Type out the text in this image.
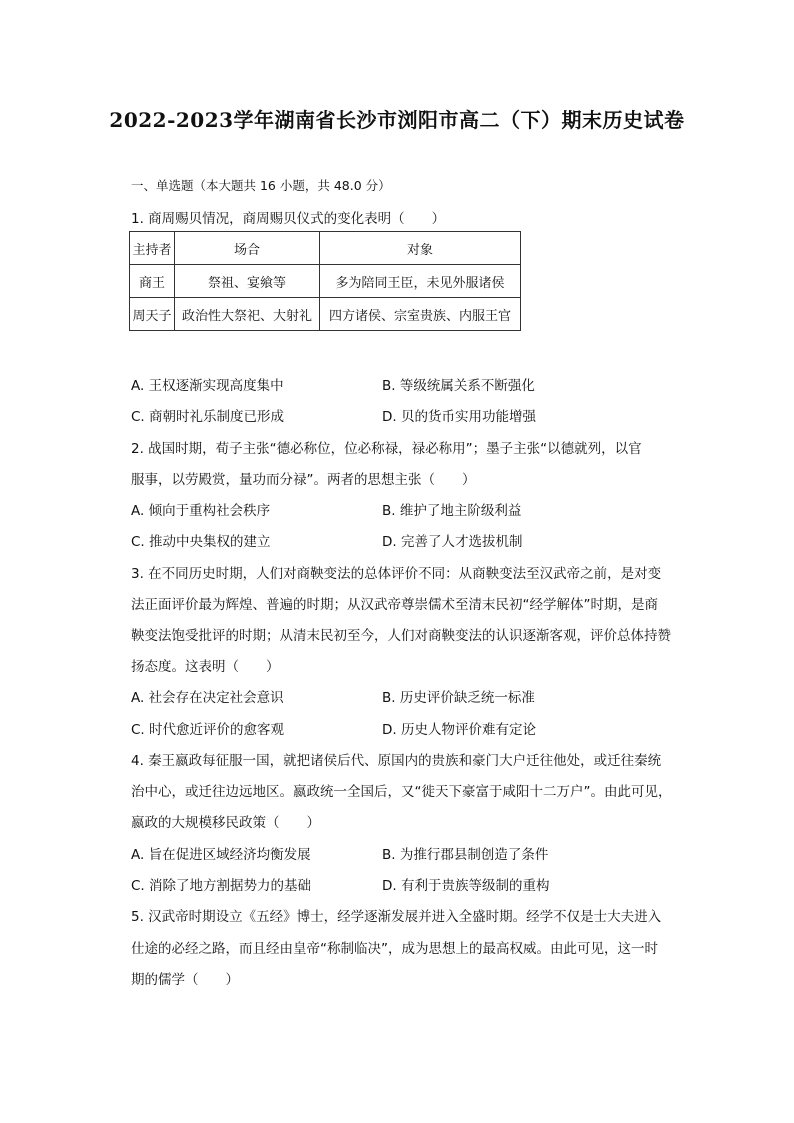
2022-2023学年湖南省长沙市浏阳市高二（下）期末历史试卷
一、单选题（本大题共 16 小题，共 48.0 分）
1. 商周赐贝情况，商周赐贝仪式的变化表明（　　）
主持者	场合	对象
商王	祭祖、宴飨等	多为陪同王臣，未见外服诸侯
周天子	政治性大祭祀、大射礼	四方诸侯、宗室贵族、内服王官
A. 王权逐渐实现高度集中	B. 等级统属关系不断强化
C. 商朝时礼乐制度已形成	D. 贝的货币实用功能增强
2. 战国时期，荀子主张“德必称位，位必称禄，禄必称用”；墨子主张“以德就列，以官
服事，以劳殿赏，量功而分禄”。两者的思想主张（　　）
A. 倾向于重构社会秩序	B. 维护了地主阶级利益
C. 推动中央集权的建立	D. 完善了人才选拔机制
3. 在不同历史时期，人们对商鞅变法的总体评价不同：从商鞅变法至汉武帝之前，是对变
法正面评价最为辉煌、普遍的时期；从汉武帝尊崇儒术至清末民初“经学解体”时期，是商
鞅变法饱受批评的时期；从清末民初至今，人们对商鞅变法的认识逐渐客观，评价总体持赞
扬态度。这表明（　　）
A. 社会存在决定社会意识	B. 历史评价缺乏统一标准
C. 时代愈近评价的愈客观	D. 历史人物评价难有定论
4. 秦王嬴政每征服一国，就把诸侯后代、原国内的贵族和豪门大户迁往他处，或迁往秦统
治中心，或迁往边远地区。嬴政统一全国后，又“徙天下豪富于咸阳十二万户”。由此可见，
嬴政的大规模移民政策（　　）
A. 旨在促进区域经济均衡发展	B. 为推行郡县制创造了条件
C. 消除了地方割据势力的基础	D. 有利于贵族等级制的重构
5. 汉武帝时期设立《五经》博士，经学逐渐发展并进入全盛时期。经学不仅是士大夫进入
仕途的必经之路，而且经由皇帝“称制临决”，成为思想上的最高权威。由此可见，这一时
期的儒学（　　）
